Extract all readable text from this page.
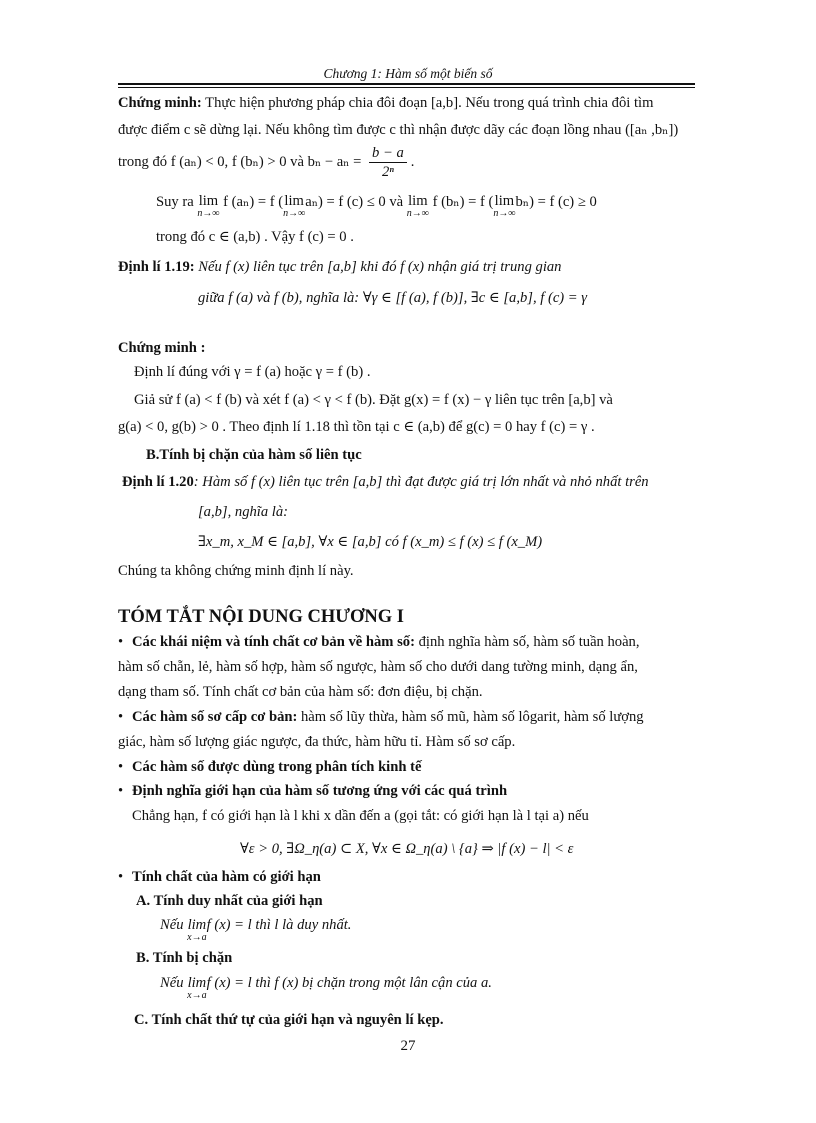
Chương 1: Hàm số một biến số
Chứng minh: Thực hiện phương pháp chia đôi đoạn [a,b]. Nếu trong quá trình chia đôi tìm
được điểm c sẽ dừng lại. Nếu không tìm được c thì nhận được dãy các đoạn lồng nhau ([aₙ ,bₙ])
trong đó f (aₙ) < 0, f (bₙ) > 0 và $b_n - a_n = \frac{b - a}{\text{2ⁿ}}$ .
Suy ra lim
n→∞
f (aₙ) = f (lim
n→∞
aₙ) = f (c) ≤ 0 và lim
n→∞
f (bₙ) = f (lim
n→∞
bₙ) = f (c) ≥ 0
trong đó c ∈ (a,b) . Vậy f (c) = 0 .
Định lí 1.19: Nếu f (x) liên tục trên [a,b] khi đó f (x) nhận giá trị trung gian
giữa f (a) và f (b), nghĩa là: ∀γ ∈ [f (a), f (b)], ∃c ∈ [a,b], f (c) = γ
Chứng minh :
Định lí đúng với γ = f (a) hoặc γ = f (b) .
Giả sử f (a) < f (b) và xét f (a) < γ < f (b). Đặt g(x) = f (x) − γ liên tục trên [a,b] và
g(a) < 0, g(b) > 0 . Theo định lí 1.18 thì tồn tại c ∈ (a,b) để g(c) = 0 hay f (c) = γ .
B.Tính bị chặn của hàm số liên tục
Định lí 1.20: Hàm số f (x) liên tục trên [a,b] thì đạt được giá trị lớn nhất và nhỏ nhất trên
[a,b], nghĩa là:
∃x_m, x_M ∈ [a,b], ∀x ∈ [a,b] có f (x_m) ≤ f (x) ≤ f (x_M)
Chúng ta không chứng minh định lí này.
TÓM TẮT NỘI DUNG CHƯƠNG I
• Các khái niệm và tính chất cơ bản về hàm số: định nghĩa hàm số, hàm số tuần hoàn,
hàm số chẵn, lẻ, hàm số hợp, hàm số ngược, hàm số cho dưới dang tường minh, dạng ẩn,
dạng tham số. Tính chất cơ bản của hàm số: đơn điệu, bị chặn.
• Các hàm số sơ cấp cơ bản: hàm số lũy thừa, hàm số mũ, hàm số lôgarit, hàm số lượng
giác, hàm số lượng giác ngược, đa thức, hàm hữu tỉ. Hàm số sơ cấp.
• Các hàm số được dùng trong phân tích kinh tế
• Định nghĩa giới hạn của hàm số tương ứng với các quá trình
Chẳng hạn, f có giới hạn là l khi x dần đến a (gọi tắt: có giới hạn là l tại a) nếu
∀ε > 0, ∃Ω_η(a) ⊂ X, ∀x ∈ Ω_η(a) \ {a} ⇒ |f (x) − l| < ε
• Tính chất của hàm có giới hạn
A. Tính duy nhất của giới hạn
Nếu lim
x→a
f (x) = l thì l là duy nhất.
B. Tính bị chặn
Nếu lim
x→a
f (x) = l thì f (x) bị chặn trong một lân cận của a.
C. Tính chất thứ tự của giới hạn và nguyên lí kẹp.
27
